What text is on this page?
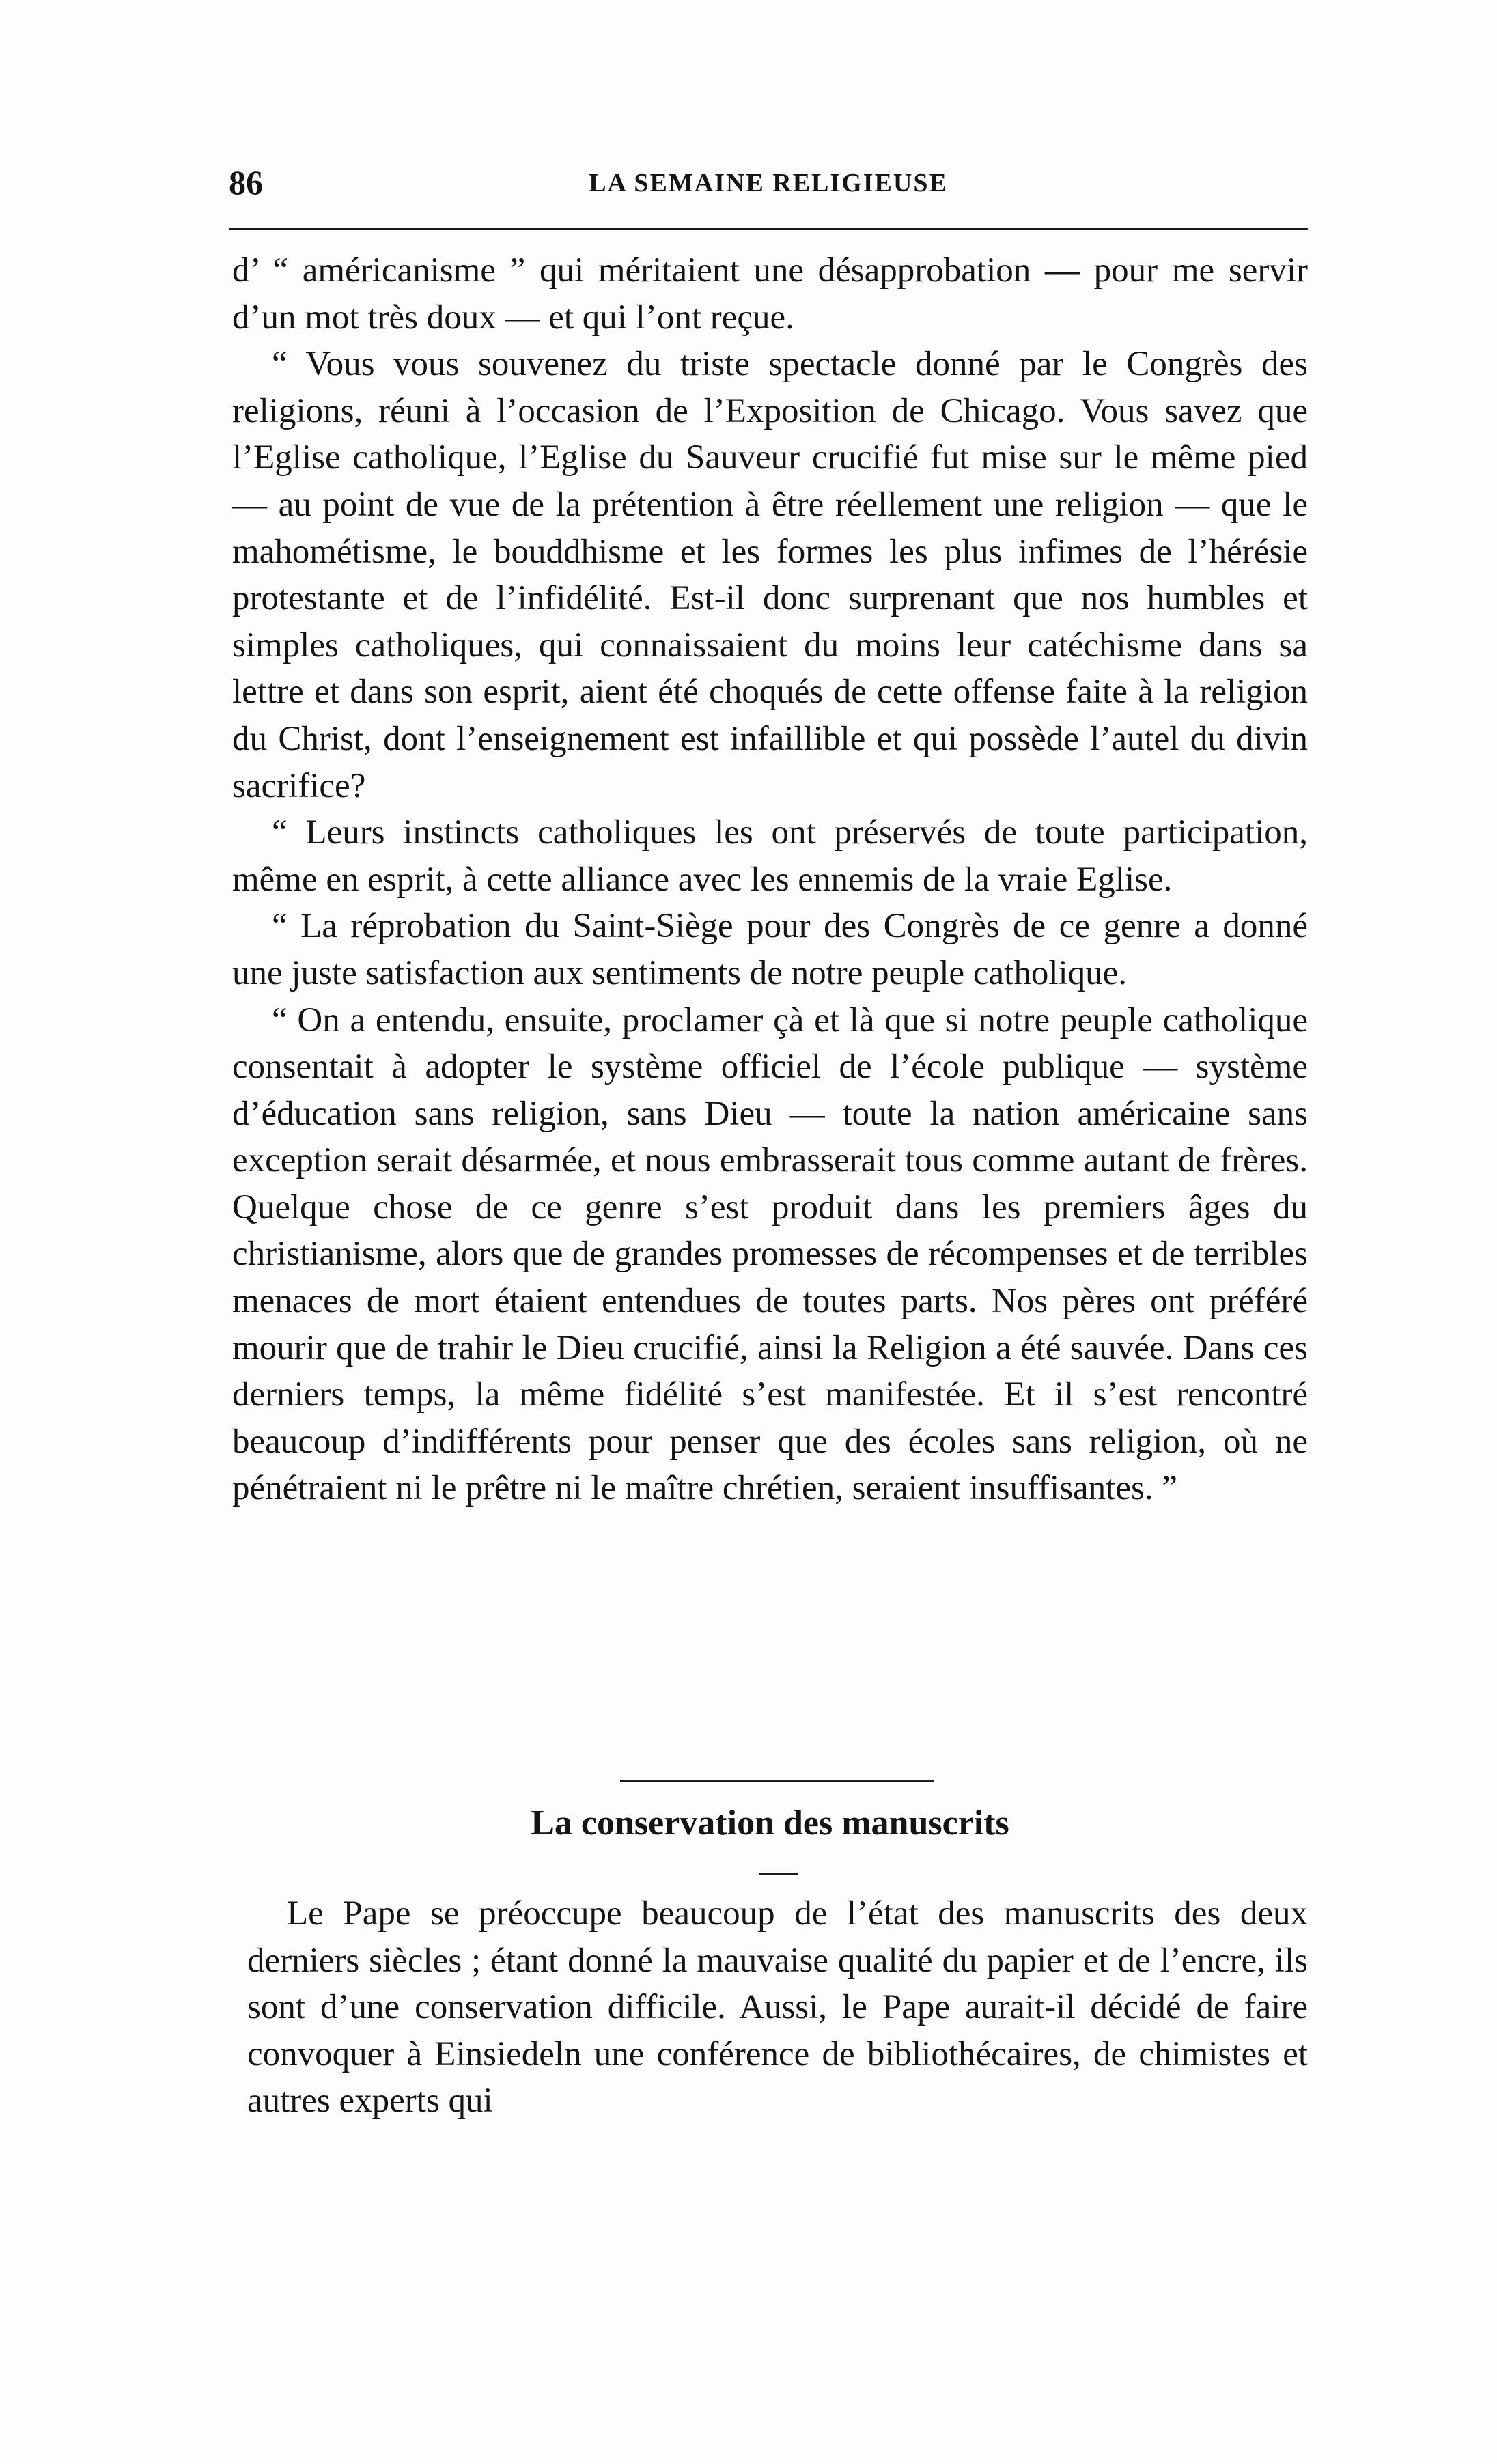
86	LA SEMAINE RELIGIEUSE

d’ “ américanisme ” qui méritaient une désapprobation — pour me servir d’un mot très doux — et qui l’ont reçue.

“ Vous vous souvenez du triste spectacle donné par le Congrès des religions, réuni à l’occasion de l’Exposition de Chicago. Vous savez que l’Eglise catholique, l’Eglise du Sauveur crucifié fut mise sur le même pied — au point de vue de la prétention à être réellement une religion — que le mahométisme, le bouddhisme et les formes les plus infimes de l’hérésie protestante et de l’infidélité. Est-il donc surprenant que nos humbles et simples catholiques, qui connaissaient du moins leur catéchisme dans sa lettre et dans son esprit, aient été choqués de cette offense faite à la religion du Christ, dont l’enseignement est infaillible et qui possède l’autel du divin sacrifice?

“ Leurs instincts catholiques les ont préservés de toute participation, même en esprit, à cette alliance avec les ennemis de la vraie Eglise.

“ La réprobation du Saint-Siège pour des Congrès de ce genre a donné une juste satisfaction aux sentiments de notre peuple catholique.

“ On a entendu, ensuite, proclamer çà et là que si notre peuple catholique consentait à adopter le système officiel de l’école publique — système d’éducation sans religion, sans Dieu — toute la nation américaine sans exception serait désarmée, et nous embrasserait tous comme autant de frères. Quelque chose de ce genre s’est produit dans les premiers âges du christianisme, alors que de grandes promesses de récompenses et de terribles menaces de mort étaient entendues de toutes parts. Nos pères ont préféré mourir que de trahir le Dieu crucifié, ainsi la Religion a été sauvée. Dans ces derniers temps, la même fidélité s’est manifestée. Et il s’est rencontré beaucoup d’indifférents pour penser que des écoles sans religion, où ne pénétraient ni le prêtre ni le maître chrétien, seraient insuffisantes. ”

La conservation des manuscrits

Le Pape se préoccupe beaucoup de l’état des manuscrits des deux derniers siècles ; étant donné la mauvaise qualité du papier et de l’encre, ils sont d’une conservation difficile. Aussi, le Pape aurait-il décidé de faire convoquer à Einsiedeln une conférence de bibliothécaires, de chimistes et autres experts qui
